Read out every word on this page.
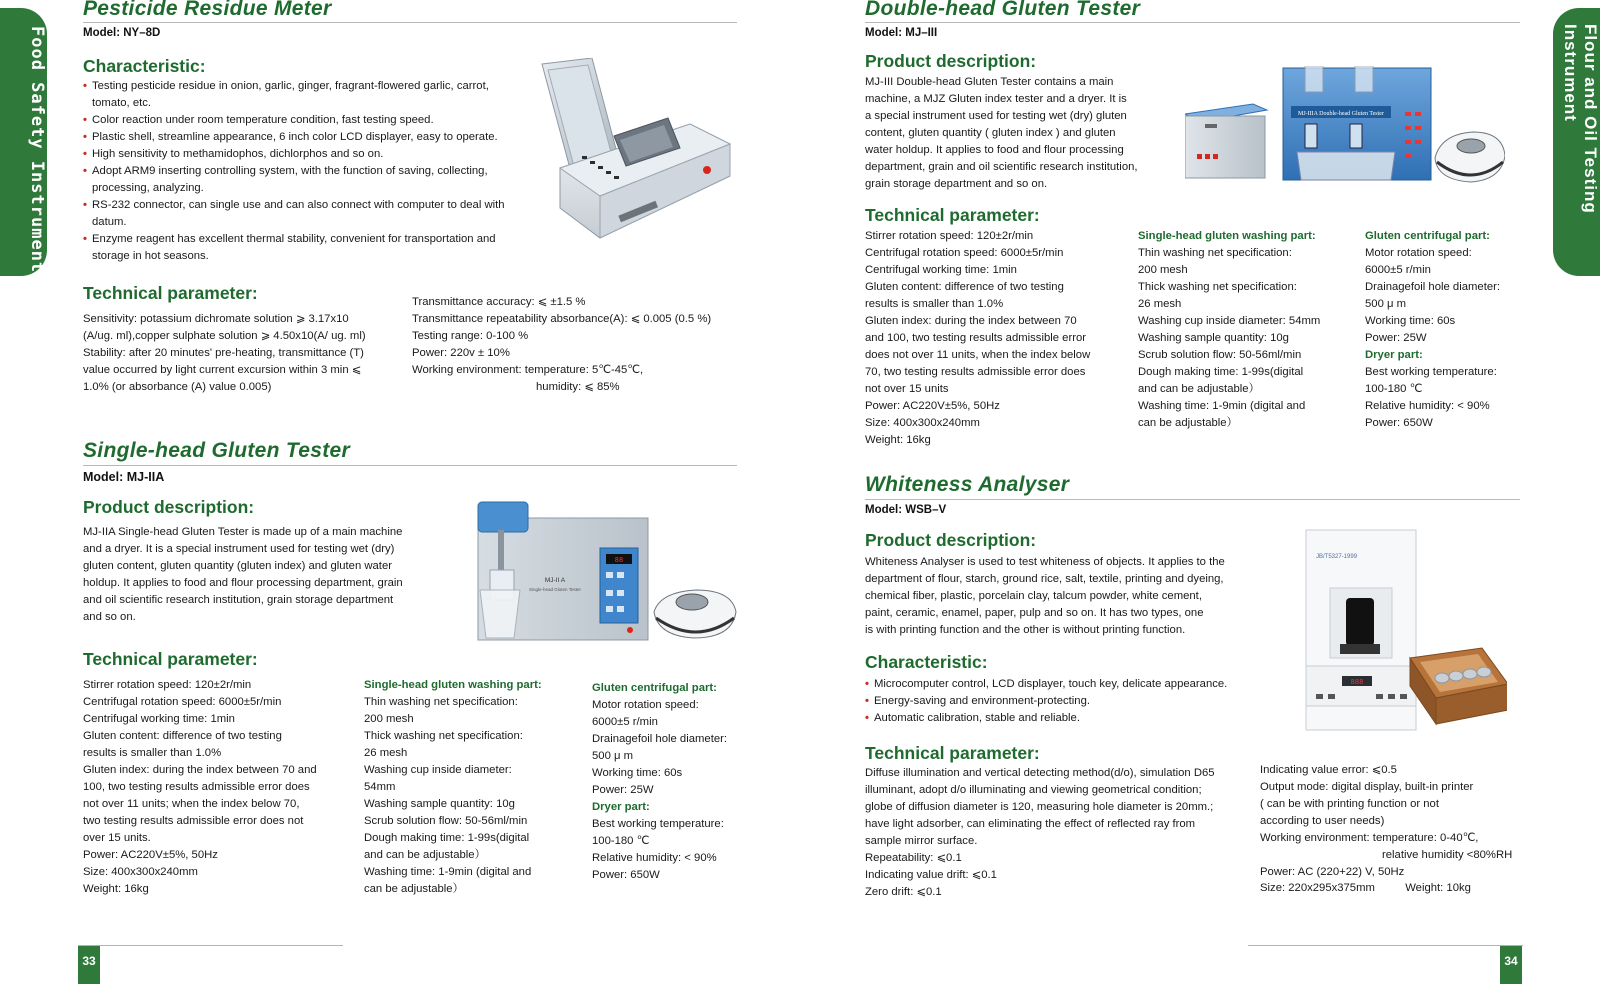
Food Safety Instrument	Flour and Oil Testing Instrument
Pesticide Residue Meter
Model: NY–8D
Characteristic:
• Testing pesticide residue in onion, garlic, ginger, fragrant-flowered garlic, carrot, tomato, etc.
• Color reaction under room temperature condition, fast testing speed.
• Plastic shell, streamline appearance, 6 inch color LCD displayer, easy to operate.
• High sensitivity to methamidophos, dichlorphos and so on.
• Adopt ARM9 inserting controlling system, with the function of saving, collecting, processing, analyzing.
• RS-232 connector, can single use and can also connect with computer to deal with datum.
• Enzyme reagent has excellent thermal stability, convenient for transportation and storage in hot seasons.
Technical parameter:

Sensitivity: potassium dichromate solution ⩾ 3.17x10

(A/ug. ml),copper sulphate solution ⩾ 4.50x10(A/ ug. ml)

Stability: after 20 minutes' pre-heating, transmittance (T)

value occurred by light current excursion within 3 min ⩽

1.0% (or absorbance (A) value 0.005)

Transmittance accuracy: ⩽ ±1.5 %

Transmittance repeatability absorbance(A): ⩽ 0.005 (0.5 %)

Testing range: 0-100 %

Power: 220v ± 10%

Working environment: temperature: 5℃-45℃,

humidity: ⩽ 85%

Single-head Gluten Tester
Model: MJ-IIA
Product description:

MJ-IIA Single-head Gluten Tester is made up of a main machine

and a dryer. It is a special instrument used for testing wet (dry)

gluten content, gluten quantity (gluten index) and gluten water

holdup. It applies to food and flour processing department, grain

and oil scientific research institution, grain storage department

and so on.

88
MJ-II A
Single-head Gluten Tester
Technical parameter:

Stirrer rotation speed: 120±2r/min

Centrifugal rotation speed: 6000±5r/min

Centrifugal working time: 1min

Gluten content: difference of two testing

results is smaller than 1.0%

Gluten index: during the index between 70 and

100, two testing results admissible error does

not over 11 units; when the index below 70,

two testing results admissible error does not

over 15 units.

Power: AC220V±5%, 50Hz

Size: 400x300x240mm

Weight: 16kg

Single-head gluten washing part:

Thin washing net specification:

200 mesh

Thick washing net specification:

26 mesh

Washing cup inside diameter:

54mm

Washing sample quantity: 10g

Scrub solution flow: 50-56ml/min

Dough making time: 1-99s(digital

and can be adjustable）

Washing time: 1-9min (digital and

can be adjustable）

Gluten centrifugal part:

Motor rotation speed:

6000±5 r/min

Drainagefoil hole diameter:

500 μ m

Working time: 60s

Power: 25W

Dryer part:

Best working temperature:

100-180 ℃

Relative humidity: < 90%

Power: 650W

Double-head Gluten Tester
Model: MJ–III
Product description:

MJ-III Double-head Gluten Tester contains a main

machine, a MJZ Gluten index tester and a dryer. It is

a special instrument used for testing wet (dry) gluten

content, gluten quantity ( gluten index ) and gluten

water holdup. It applies to food and flour processing

department, grain and oil scientific research institution,

grain storage department and so on.

MJ-IIIA Double-head Gluten Tester
Technical parameter:

Stirrer rotation speed: 120±2r/min

Centrifugal rotation speed: 6000±5r/min

Centrifugal working time: 1min

Gluten content: difference of two testing

results is smaller than 1.0%

Gluten index: during the index between 70

and 100, two testing results admissible error

does not over 11 units, when the index below

70, two testing results admissible error does

not over 15 units

Power: AC220V±5%, 50Hz

Size: 400x300x240mm

Weight: 16kg

Single-head gluten washing part:

Thin washing net specification:

200 mesh

Thick washing net specification:

26 mesh

Washing cup inside diameter: 54mm

Washing sample quantity: 10g

Scrub solution flow: 50-56ml/min

Dough making time: 1-99s(digital

and can be adjustable）

Washing time: 1-9min (digital and

can be adjustable）

Gluten centrifugal part:

Motor rotation speed:

6000±5 r/min

Drainagefoil hole diameter:

500 μ m

Working time: 60s

Power: 25W

Dryer part:

Best working temperature:

100-180 ℃

Relative humidity: < 90%

Power: 650W

Whiteness Analyser
Model: WSB–V
Product description:

Whiteness Analyser is used to test whiteness of objects. It applies to the

department of flour, starch, ground rice, salt, textile, printing and dyeing,

chemical fiber, plastic, porcelain clay, talcum powder, white cement,

paint, ceramic, enamel, paper, pulp and so on. It has two types, one

is with printing function and the other is without printing function.

JB/T5327-1999
888
Characteristic:
• Microcomputer control, LCD displayer, touch key, delicate appearance.
• Energy-saving and environment-protecting.
• Automatic calibration, stable and reliable.
Technical parameter:

Diffuse illumination and vertical detecting method(d/o), simulation D65

illuminant, adopt d/o illuminating and viewing geometrical condition;

globe of diffusion diameter is 120, measuring hole diameter is 20mm.;

have light adsorber, can eliminating the effect of reflected ray from

sample mirror surface.

Repeatability: ⩽0.1

Indicating value drift: ⩽0.1

Zero drift: ⩽0.1

Indicating value error: ⩽0.5

Output mode: digital display, built-in printer

( can be with printing function or not

according to user needs)

Working environment: temperature: 0-40℃,

relative humidity <80%RH

Power: AC (220+22) V, 50Hz

Size: 220x295x375mm	Weight: 10kg
33	34
